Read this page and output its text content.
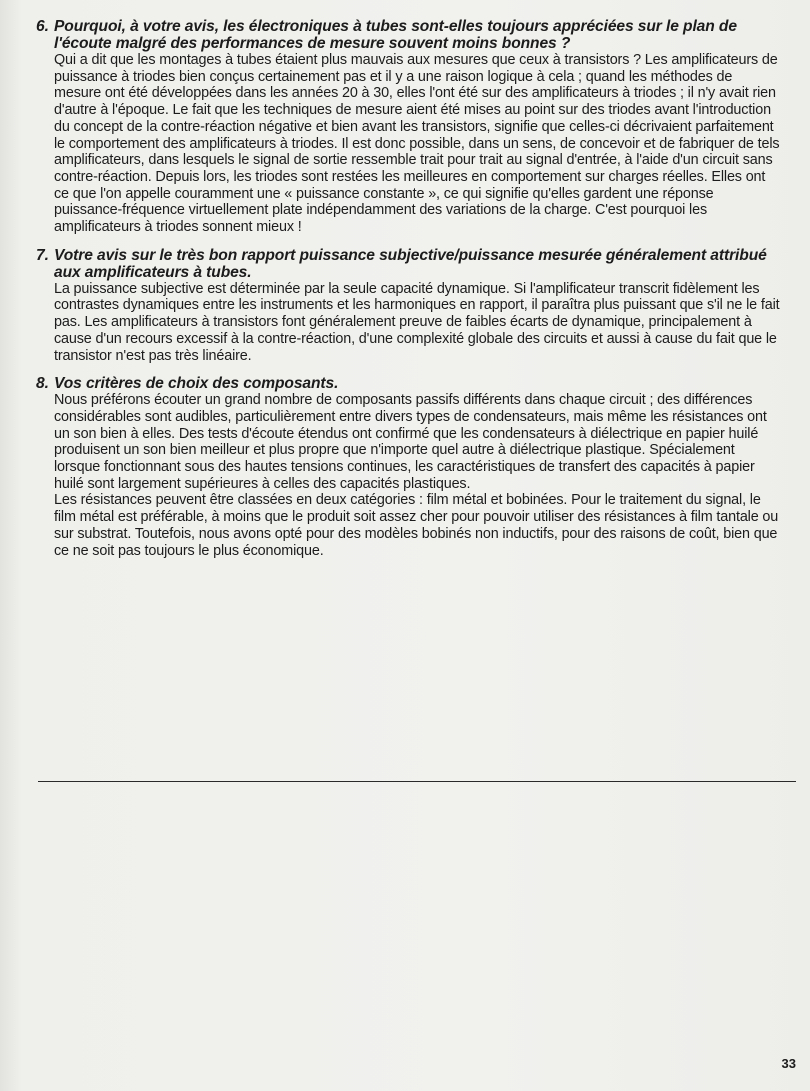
6. Pourquoi, à votre avis, les électroniques à tubes sont-elles toujours appréciées sur le plan de l'écoute malgré des performances de mesure souvent moins bonnes ?

Qui a dit que les montages à tubes étaient plus mauvais aux mesures que ceux à transistors ? Les amplificateurs de puissance à triodes bien conçus certainement pas et il y a une raison logique à cela ; quand les méthodes de mesure ont été développées dans les années 20 à 30, elles l'ont été sur des amplificateurs à triodes ; il n'y avait rien d'autre à l'époque. Le fait que les techniques de mesure aient été mises au point sur des triodes avant l'introduction du concept de la contre-réaction négative et bien avant les transistors, signifie que celles-ci décrivaient parfaitement le comportement des amplificateurs à triodes. Il est donc possible, dans un sens, de concevoir et de fabriquer de tels amplificateurs, dans lesquels le signal de sortie ressemble trait pour trait au signal d'entrée, à l'aide d'un circuit sans contre-réaction. Depuis lors, les triodes sont restées les meilleures en comportement sur charges réelles. Elles ont ce que l'on appelle couramment une « puissance constante », ce qui signifie qu'elles gardent une réponse puissance-fréquence virtuellement plate indépendamment des variations de la charge. C'est pourquoi les amplificateurs à triodes sonnent mieux !

7. Votre avis sur le très bon rapport puissance subjective/puissance mesurée généralement attribué aux amplificateurs à tubes.

La puissance subjective est déterminée par la seule capacité dynamique. Si l'amplificateur transcrit fidèlement les contrastes dynamiques entre les instruments et les harmoniques en rapport, il paraîtra plus puissant que s'il ne le fait pas. Les amplificateurs à transistors font généralement preuve de faibles écarts de dynamique, principalement à cause d'un recours excessif à la contre-réaction, d'une complexité globale des circuits et aussi à cause du fait que le transistor n'est pas très linéaire.

8. Vos critères de choix des composants.

Nous préférons écouter un grand nombre de composants passifs différents dans chaque circuit ; des différences considérables sont audibles, particulièrement entre divers types de condensateurs, mais même les résistances ont un son bien à elles. Des tests d'écoute étendus ont confirmé que les condensateurs à diélectrique en papier huilé produisent un son bien meilleur et plus propre que n'importe quel autre à diélectrique plastique. Spécialement lorsque fonctionnant sous des hautes tensions continues, les caractéristiques de transfert des capacités à papier huilé sont largement supérieures à celles des capacités plastiques.

Les résistances peuvent être classées en deux catégories : film métal et bobinées. Pour le traitement du signal, le film métal est préférable, à moins que le produit soit assez cher pour pouvoir utiliser des résistances à film tantale ou sur substrat. Toutefois, nous avons opté pour des modèles bobinés non inductifs, pour des raisons de coût, bien que ce ne soit pas toujours le plus économique.

33
